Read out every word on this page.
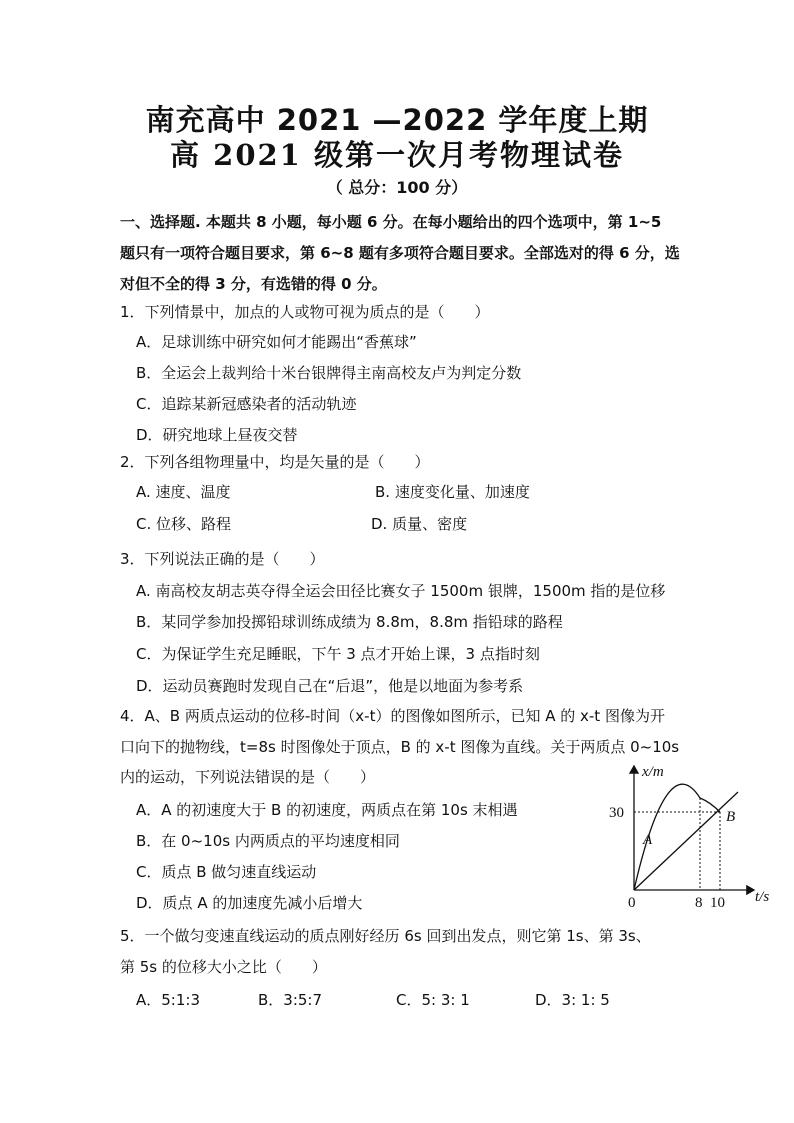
南充高中 2021 —2022 学年度上期
高 2021 级第一次月考物理试卷
（ 总分：100 分）
一、选择题. 本题共 8 小题，每小题 6 分。在每小题给出的四个选项中，第 1~5 题只有一项符合题目要求，第 6~8 题有多项符合题目要求。全部选对的得 6 分，选对但不全的得 3 分，有选错的得 0 分。
1．下列情景中，加点的人或物可视为质点的是（　　）
A．足球训练中研究如何才能踢出“香蕉球”
B．全运会上裁判给十米台银牌得主南高校友卢为判定分数
C．追踪某新冠感染者的活动轨迹
D．研究地球上昼夜交替
2．下列各组物理量中，均是矢量的是（　　）
A. 速度、温度	B. 速度变化量、加速度
C. 位移、路程	D. 质量、密度
3．下列说法正确的是（　　）
A. 南高校友胡志英夺得全运会田径比赛女子 1500m 银牌，1500m 指的是位移
B．某同学参加投掷铅球训练成绩为 8.8m，8.8m 指铅球的路程
C．为保证学生充足睡眠，下午 3 点才开始上课，3 点指时刻
D．运动员赛跑时发现自己在“后退”，他是以地面为参考系
4．A、B 两质点运动的位移-时间（x-t）的图像如图所示，已知 A 的 x-t 图像为开
口向下的抛物线，t=8s 时图像处于顶点，B 的 x-t 图像为直线。关于两质点 0~10s
内的运动，下列说法错误的是（　　）
A．A 的初速度大于 B 的初速度，两质点在第 10s 末相遇
B．在 0~10s 内两质点的平均速度相同
C．质点 B 做匀速直线运动
D．质点 A 的加速度先减小后增大
x/m
t/s
0
30
8 10
A
B
5．一个做匀变速直线运动的质点刚好经历 6s 回到出发点，则它第 1s、第 3s、
第 5s 的位移大小之比（　　）
A．5:1:3	B．3:5:7	C．5: 3: 1	D．3: 1: 5
